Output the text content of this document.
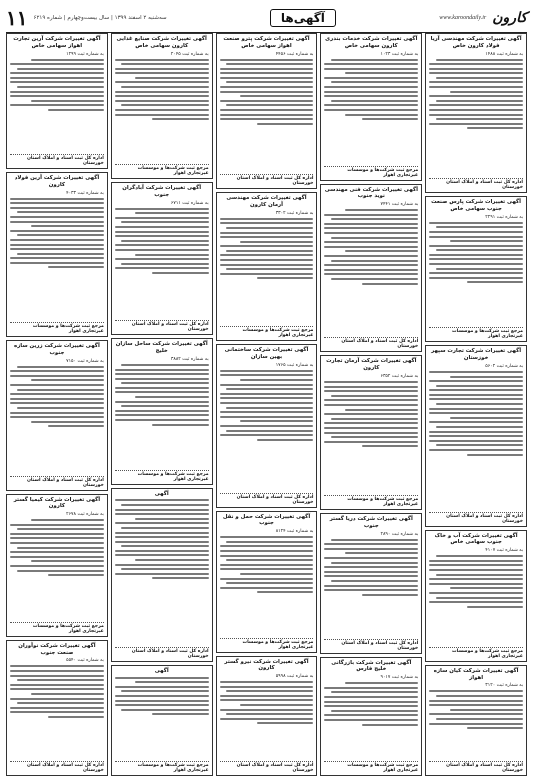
۱۱ سه‌شنبه ۲ اسفند ۱۳۹۹ | سال بیست‌وچهارم | شماره ۶۲۱۹	آگهی‌ها	www.karoondaily.ir کارون
آگهی تغییرات شرکت مهندسی آریا فولاد کارون خاص
به شماره ثبت ۱۴۸۸
اداره کل ثبت اسناد و املاک استان خوزستان
آگهی تغییرات شرکت پارس صنعت جنوب سهامی خاص
به شماره ثبت ۲۲۹۱
مرجع ثبت شرکت‌ها و موسسات غیرتجاری اهواز
آگهی تغییرات شرکت تجارت سپهر خوزستان
به شماره ثبت ۵۶۰۲
اداره کل ثبت اسناد و املاک استان خوزستان
آگهی تغییرات شرکت آب و خاک جنوب سهامی خاص
به شماره ثبت ۴۱۰۷
مرجع ثبت شرکت‌ها و موسسات غیرتجاری اهواز
آگهی تغییرات شرکت کیان سازه اهواز
به شماره ثبت ۳۱۲۰
اداره کل ثبت اسناد و املاک استان خوزستان
آگهی تغییرات شرکت خدمات بندری کارون سهامی خاص
به شماره ثبت ۱۰۲۳
مرجع ثبت شرکت‌ها و موسسات غیرتجاری اهواز
آگهی تغییرات شرکت فنی مهندسی نوید جنوب
به شماره ثبت ۷۴۴۱
اداره کل ثبت اسناد و املاک استان خوزستان
آگهی تغییرات شرکت آرمان تجارت کارون
به شماره ثبت ۶۳۵۲
مرجع ثبت شرکت‌ها و موسسات غیرتجاری اهواز
آگهی تغییرات شرکت دریا گستر جنوب
به شماره ثبت ۲۸۹۰
اداره کل ثبت اسناد و املاک استان خوزستان
آگهی تغییرات شرکت بازرگانی خلیج فارس
به شماره ثبت ۹۰۱۷
مرجع ثبت شرکت‌ها و موسسات غیرتجاری اهواز
آگهی تغییرات شرکت پترو صنعت اهواز سهامی خاص
به شماره ثبت ۴۴۵۶
اداره کل ثبت اسناد و املاک استان خوزستان
آگهی تغییرات شرکت مهندسی آرمان کارون
به شماره ثبت ۳۳۰۲
مرجع ثبت شرکت‌ها و موسسات غیرتجاری اهواز
آگهی تغییرات شرکت ساختمانی بهین سازان
به شماره ثبت ۱۷۶۵
اداره کل ثبت اسناد و املاک استان خوزستان
آگهی تغییرات شرکت حمل و نقل جنوب
به شماره ثبت ۸۱۲۴
مرجع ثبت شرکت‌ها و موسسات غیرتجاری اهواز
آگهی تغییرات شرکت نیرو گستر کارون
به شماره ثبت ۵۹۹۸
اداره کل ثبت اسناد و املاک استان خوزستان
آگهی تغییرات شرکت صنایع غذایی کارون سهامی خاص
به شماره ثبت ۲۰۴۵
مرجع ثبت شرکت‌ها و موسسات غیرتجاری اهواز
آگهی تغییرات شرکت آبادگران جنوب
به شماره ثبت ۶۷۱۱
اداره کل ثبت اسناد و املاک استان خوزستان
آگهی تغییرات شرکت ساحل سازان خلیج
به شماره ثبت ۳۸۸۲
مرجع ثبت شرکت‌ها و موسسات غیرتجاری اهواز
آگهی
اداره کل ثبت اسناد و املاک استان خوزستان
آگهی
مرجع ثبت شرکت‌ها و موسسات غیرتجاری اهواز
آگهی تغییرات شرکت آرین تجارت اهواز سهامی خاص
به شماره ثبت ۱۲۹۹
اداره کل ثبت اسناد و املاک استان خوزستان
آگهی تغییرات شرکت آرین فولاد کارون
به شماره ثبت ۴۰۳۳
مرجع ثبت شرکت‌ها و موسسات غیرتجاری اهواز
آگهی تغییرات شرکت زرین سازه جنوب
به شماره ثبت ۷۱۵۰
اداره کل ثبت اسناد و املاک استان خوزستان
آگهی تغییرات شرکت کیمیا گستر کارون
به شماره ثبت ۲۶۷۸
مرجع ثبت شرکت‌ها و موسسات غیرتجاری اهواز
آگهی تغییرات شرکت نوآوران صنعت جنوب
به شماره ثبت ۵۵۴۰
اداره کل ثبت اسناد و املاک استان خوزستان
